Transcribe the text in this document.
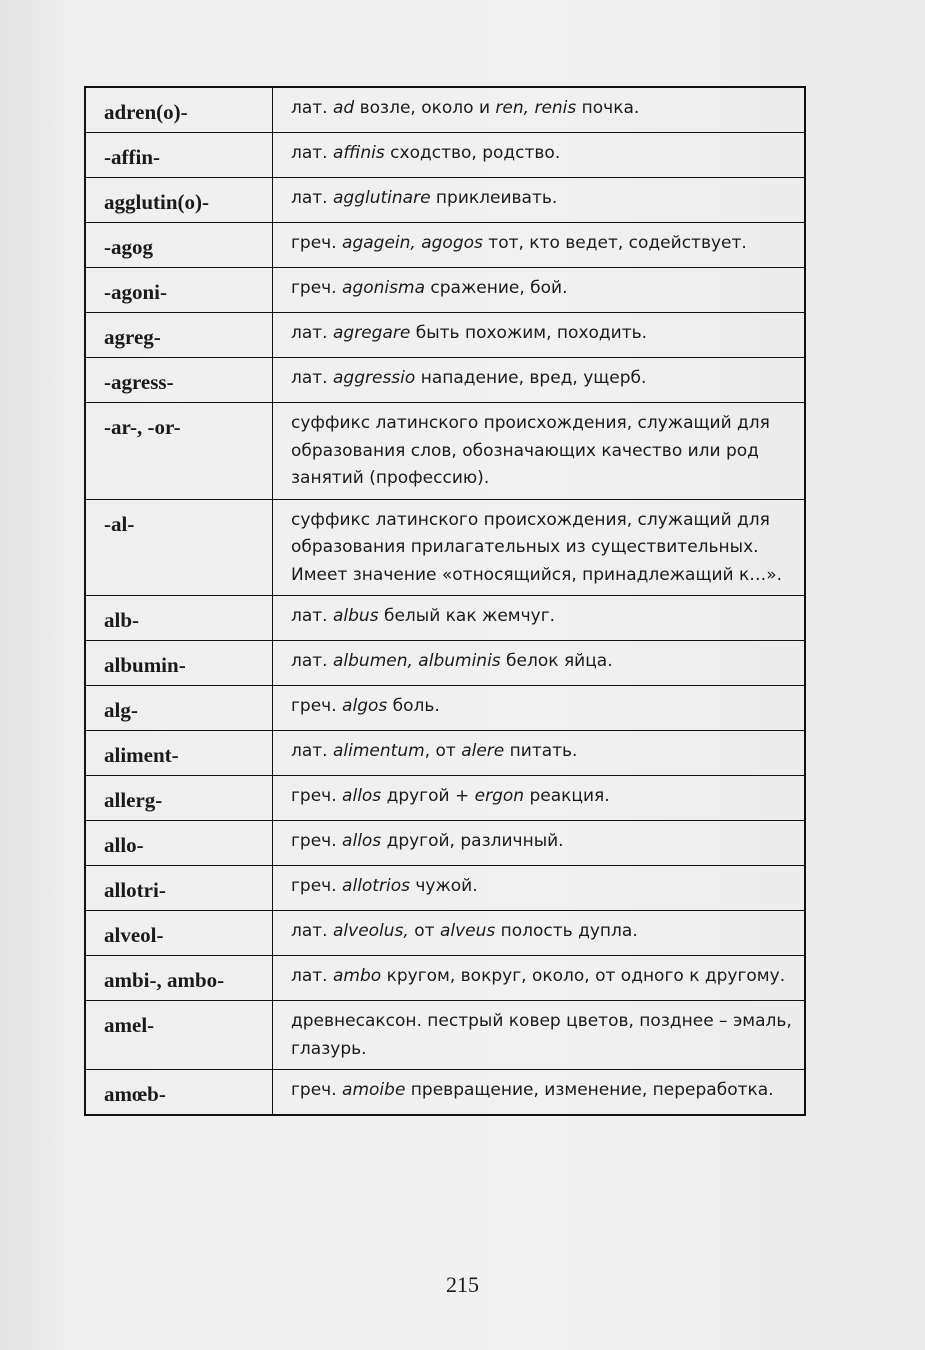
adren(o)-	лат. ad возле, около и ren, renis почка.
-affin-	лат. affinis сходство, родство.
agglutin(o)-	лат. agglutinare приклеивать.
-agog	греч. agagein, agogos тот, кто ведет, содействует.
-agoni-	греч. agonisma сражение, бой.
agreg-	лат. agregare быть похожим, походить.
-agress-	лат. aggressio нападение, вред, ущерб.
-ar-, -or-	суффикс латинского происхождения, служащий для образования слов, обозначающих качество или род занятий (профессию).
-al-	суффикс латинского происхождения, служащий для образования прилагательных из существительных. Имеет значение «относящийся, принадлежащий к…».
alb-	лат. albus белый как жемчуг.
albumin-	лат. albumen, albuminis белок яйца.
alg-	греч. algos боль.
aliment-	лат. alimentum, от alere питать.
allerg-	греч. allos другой + ergon реакция.
allo-	греч. allos другой, различный.
allotri-	греч. allotrios чужой.
alveol-	лат. alveolus, от alveus полость дупла.
ambi-, ambo-	лат. ambo кругом, вокруг, около, от одного к другому.
amel-	древнесаксон. пестрый ковер цветов, позднее – эмаль, глазурь.
amœb-	греч. amoibe превращение, изменение, переработка.
215
